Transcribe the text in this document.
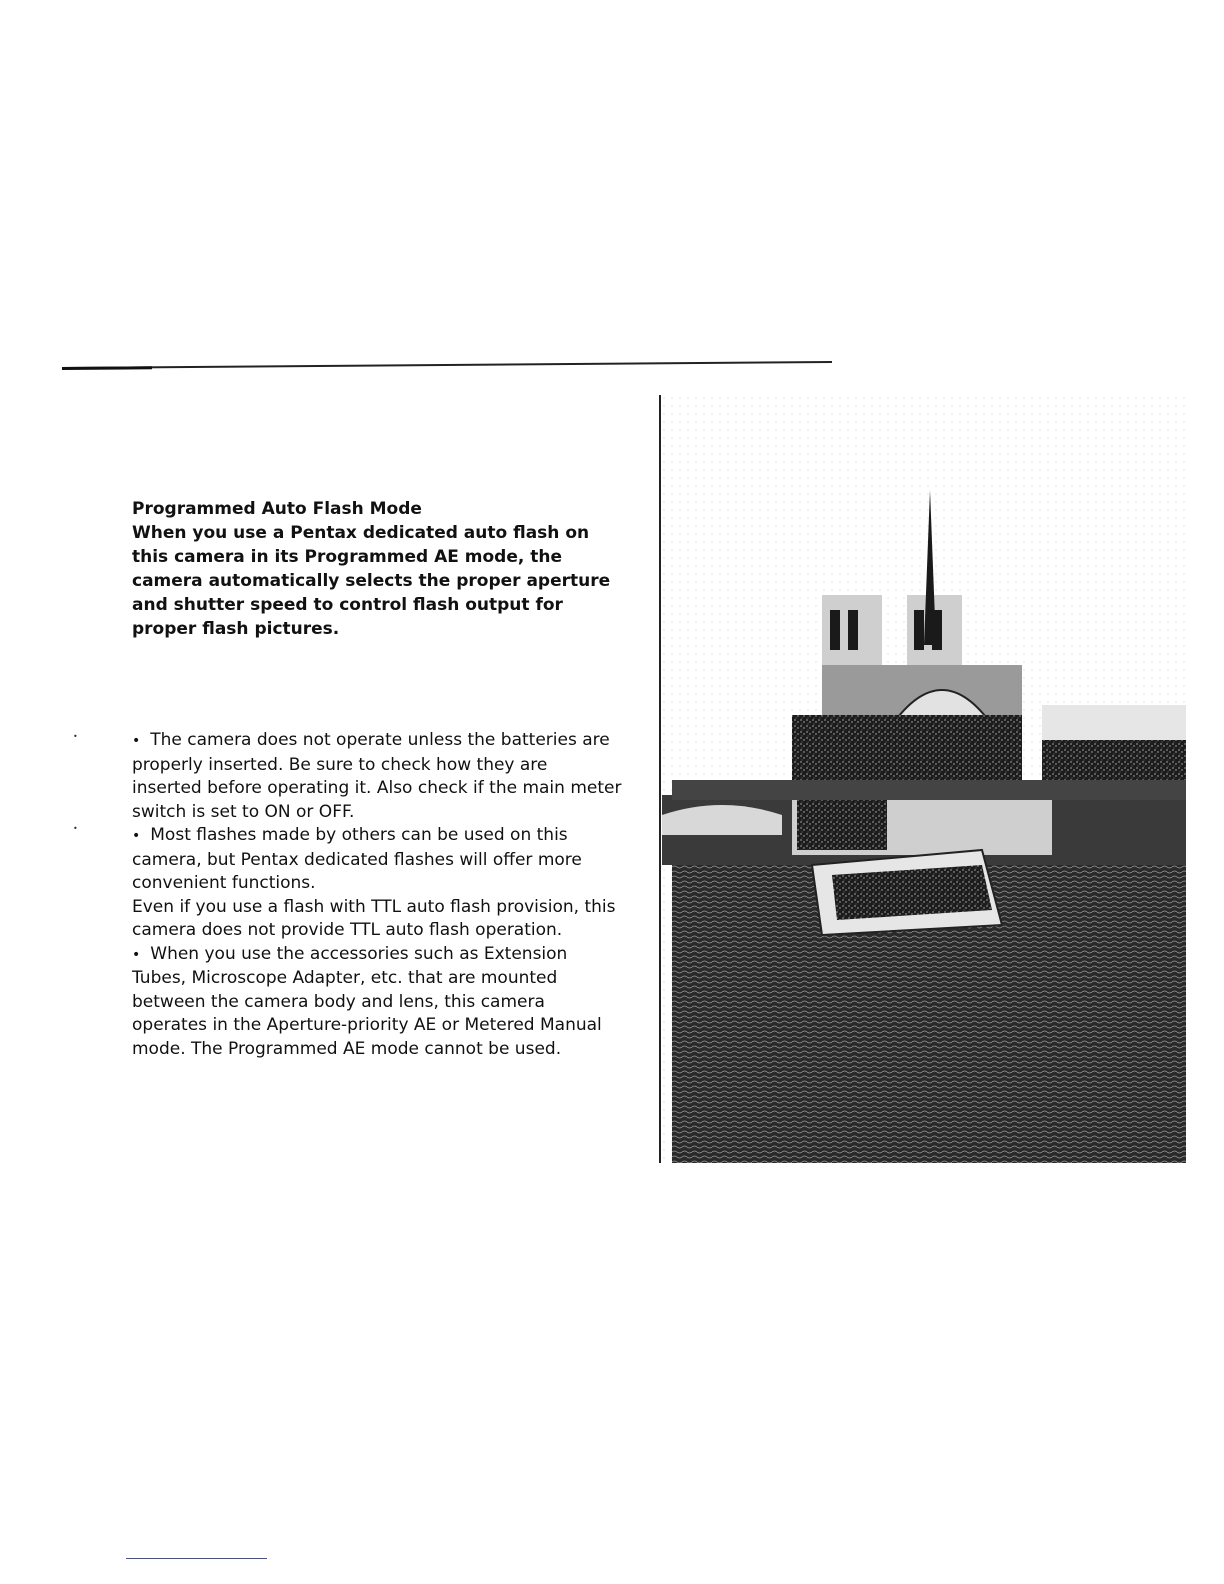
•
•
Programmed Auto Flash Mode

When you use a Pentax dedicated auto flash on this camera in its Programmed AE mode, the camera automatically selects the proper aperture and shutter speed to control flash output for proper flash pictures.

• The camera does not operate unless the batteries are properly inserted. Be sure to check how they are inserted before operating it. Also check if the main meter switch is set to ON or OFF.

• Most flashes made by others can be used on this camera, but Pentax dedicated flashes will offer more convenient functions.

Even if you use a flash with TTL auto flash provision, this camera does not provide TTL auto flash operation.

• When you use the accessories such as Extension Tubes, Microscope Adapter, etc. that are mounted between the camera body and lens, this camera operates in the Aperture-priority AE or Metered Manual mode. The Programmed AE mode cannot be used.
